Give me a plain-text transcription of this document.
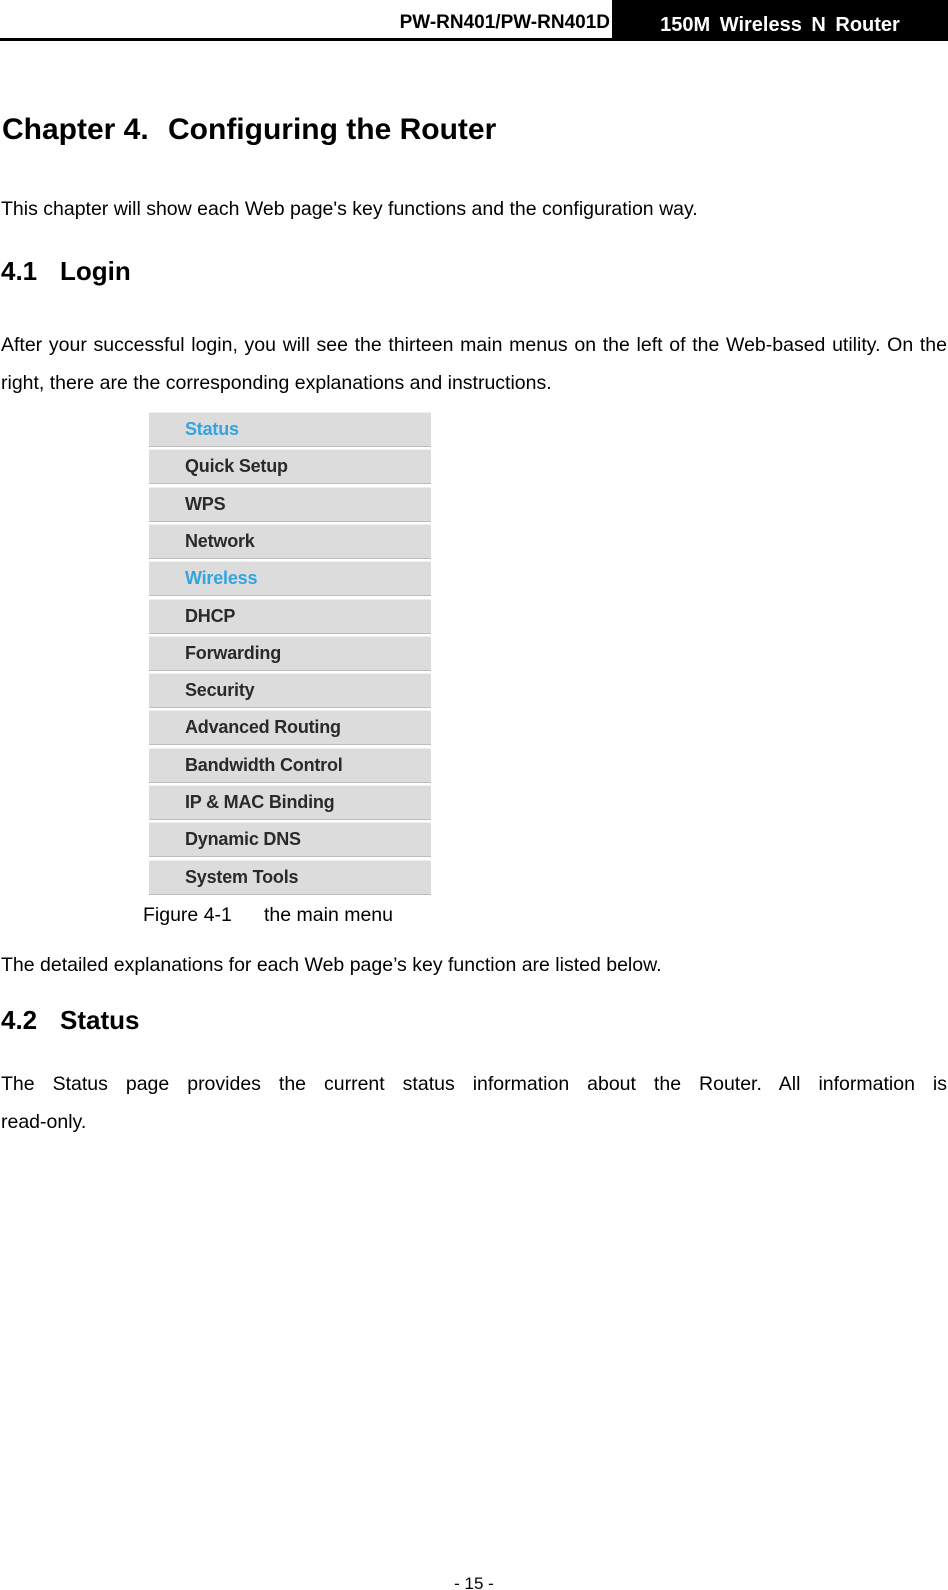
PW-RN401/PW-RN401D	150M Wireless N Router
Chapter 4. Configuring the Router

This chapter will show each Web page's key functions and the configuration way.

4.1 Login

After your successful login, you will see the thirteen main menus on the left of the Web-based utility. On the right, there are the corresponding explanations and instructions.

Status
Quick Setup
WPS
Network
Wireless
DHCP
Forwarding
Security
Advanced Routing
Bandwidth Control
IP & MAC Binding
Dynamic DNS
System Tools
Figure 4-1 the main menu

The detailed explanations for each Web page’s key function are listed below.

4.2 Status

The Status page provides the current status information about the Router. All information is read-only.

- 15 -
